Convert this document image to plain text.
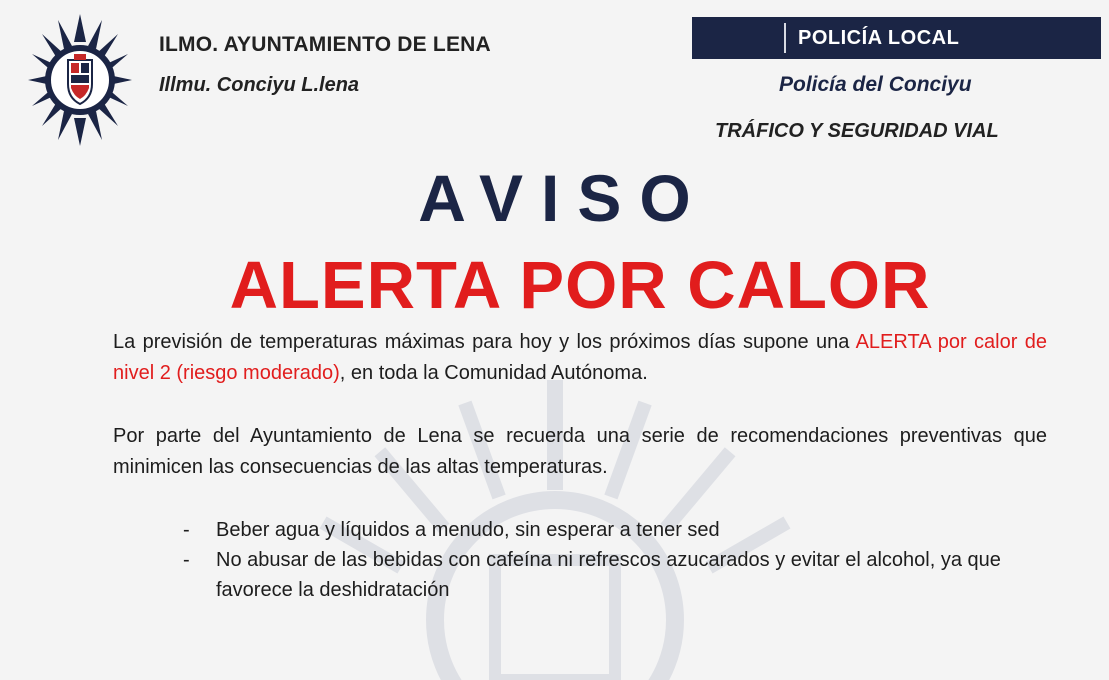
ILMO. AYUNTAMIENTO DE LENA
Illmu. Conciyu L.lena
POLICÍA LOCAL
Policía del Conciyu
TRÁFICO Y SEGURIDAD VIAL
AVISO
ALERTA POR CALOR
La previsión de temperaturas máximas para hoy y los próximos días supone una ALERTA por calor de nivel 2 (riesgo moderado), en toda la Comunidad Autónoma.
Por parte del Ayuntamiento de Lena se recuerda una serie de recomendaciones preventivas que minimicen las consecuencias de las altas temperaturas.
- Beber agua y líquidos a menudo, sin esperar a tener sed
- No abusar de las bebidas con cafeína ni refrescos azucarados y evitar el alcohol, ya que favorece la deshidratación
